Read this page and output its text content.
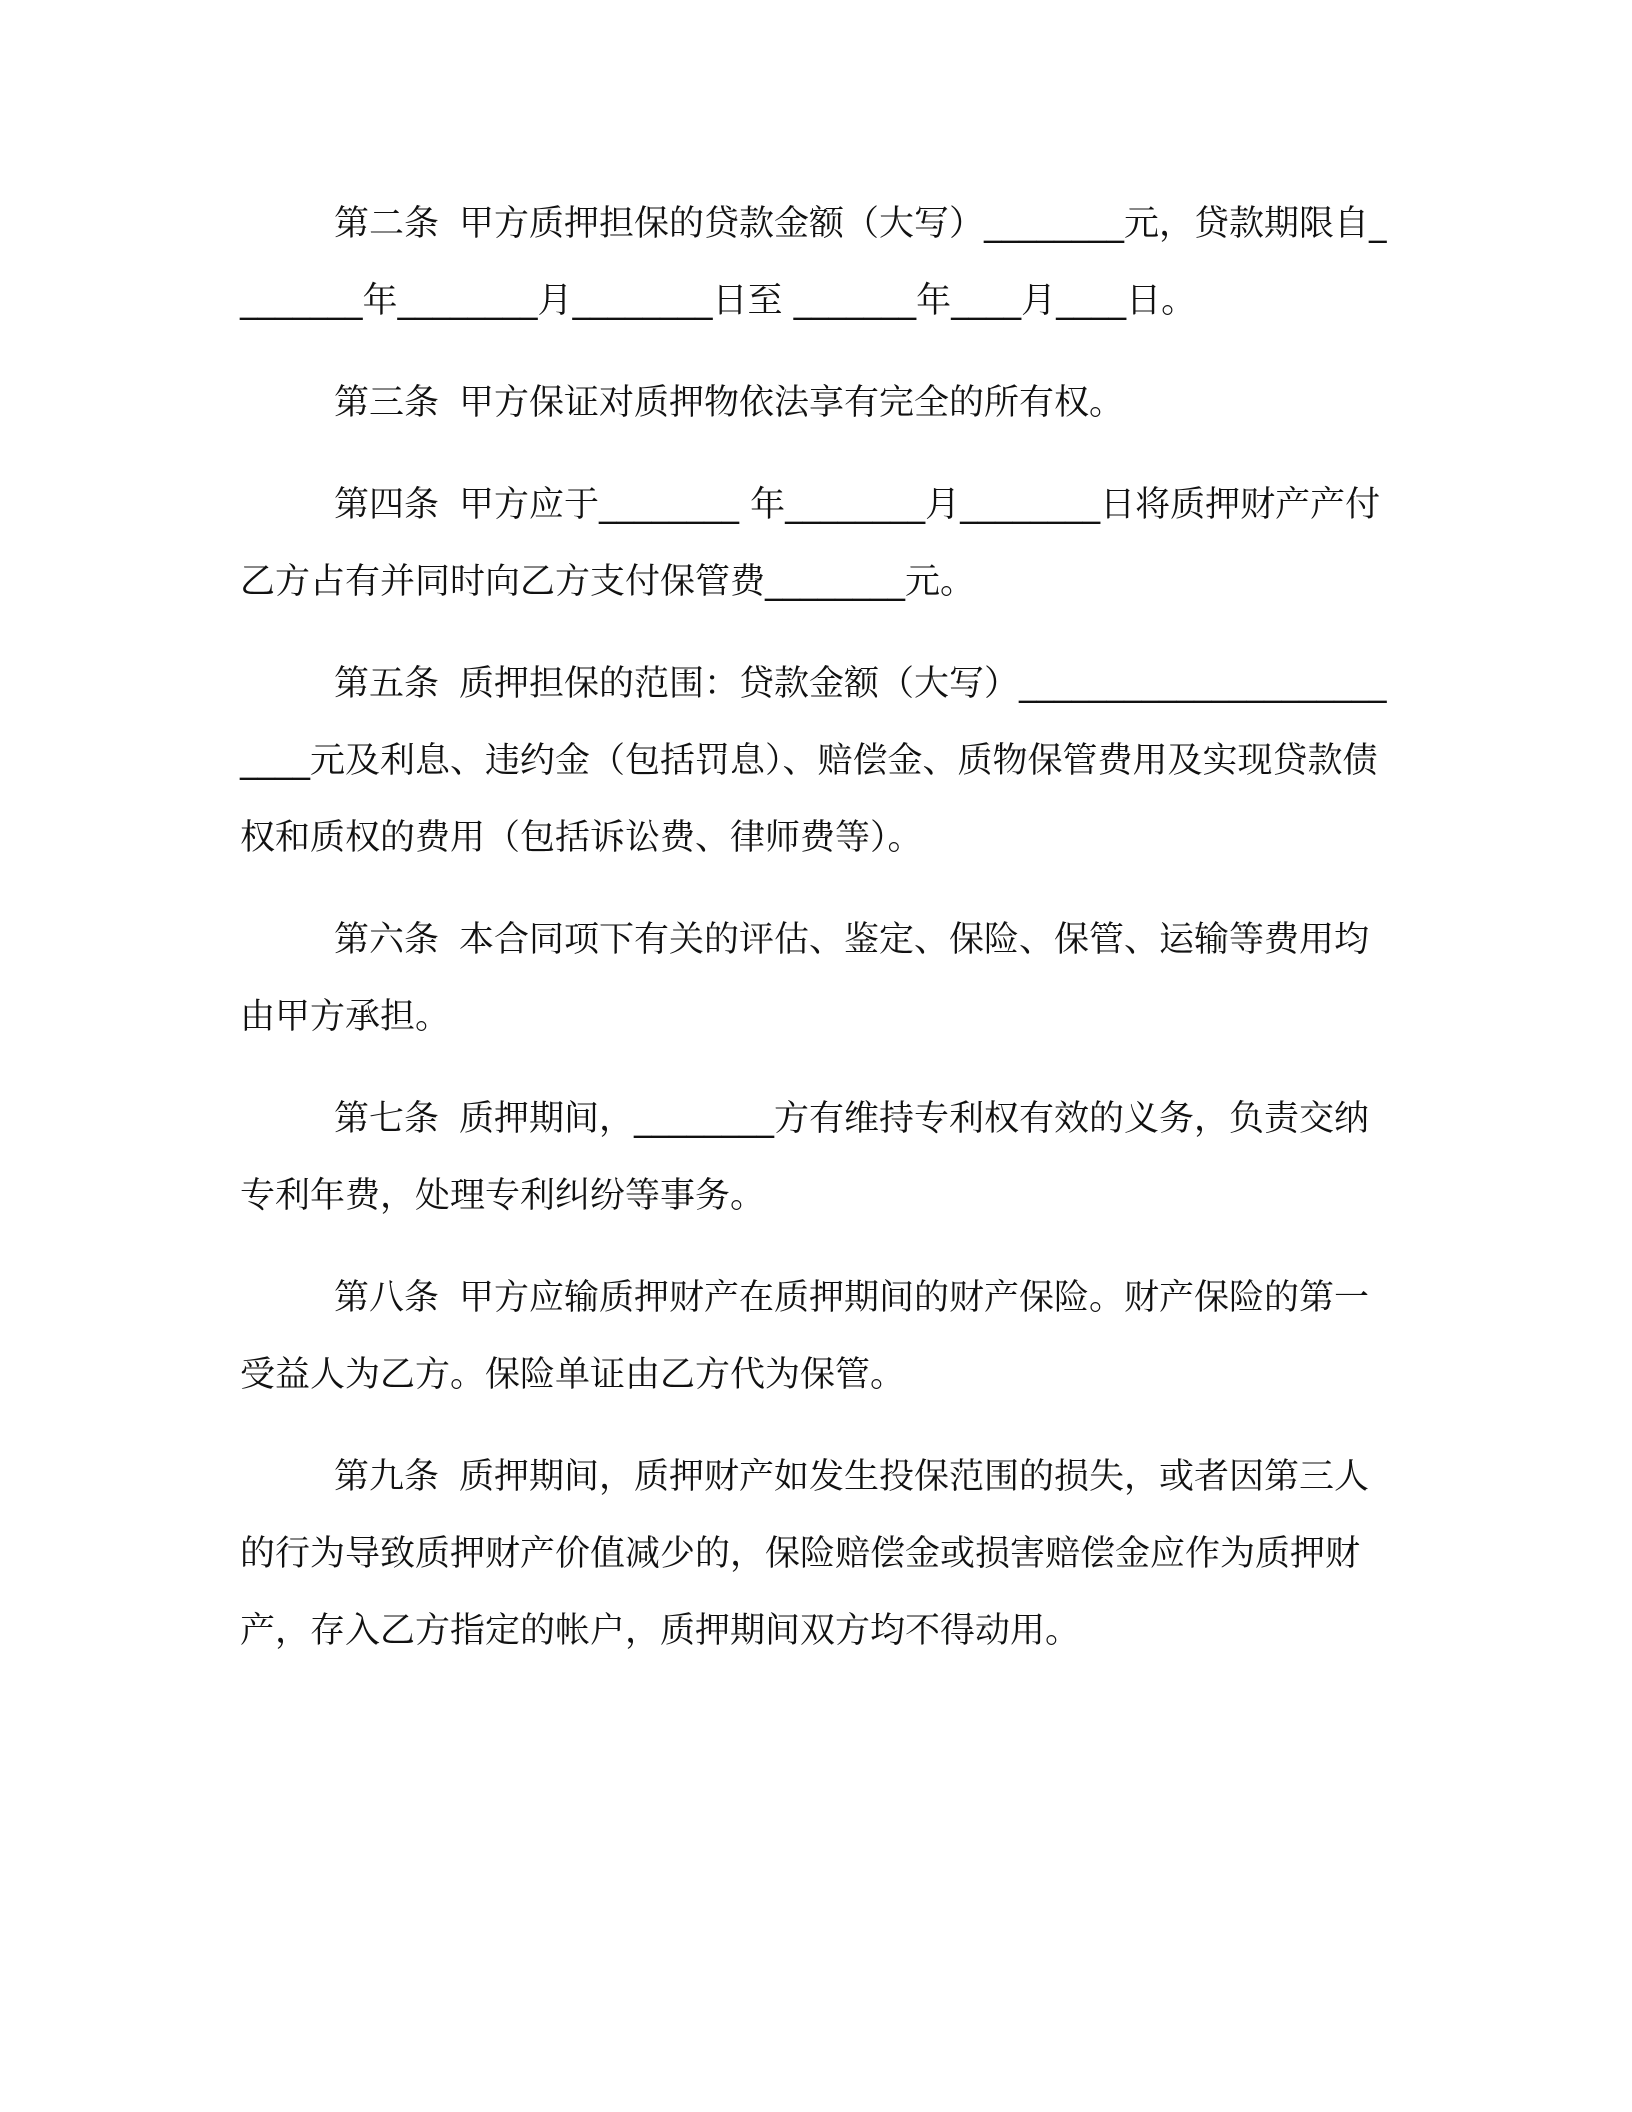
第二条 甲方质押担保的贷款金额（大写）________元，贷款期限自________年________月________日至 _______年____月____日。

第三条 甲方保证对质押物依法享有完全的所有权。

第四条 甲方应于________ 年________月________日将质押财产产付乙方占有并同时向乙方支付保管费________元。

第五条 质押担保的范围：贷款金额（大写）_________________________元及利息、违约金（包括罚息）、赔偿金、质物保管费用及实现贷款债权和质权的费用（包括诉讼费、律师费等）。

第六条 本合同项下有关的评估、鉴定、保险、保管、运输等费用均由甲方承担。

第七条 质押期间，________方有维持专利权有效的义务，负责交纳专利年费，处理专利纠纷等事务。

第八条 甲方应输质押财产在质押期间的财产保险。财产保险的第一受益人为乙方。保险单证由乙方代为保管。

第九条 质押期间，质押财产如发生投保范围的损失，或者因第三人的行为导致质押财产价值减少的，保险赔偿金或损害赔偿金应作为质押财产，存入乙方指定的帐户，质押期间双方均不得动用。
